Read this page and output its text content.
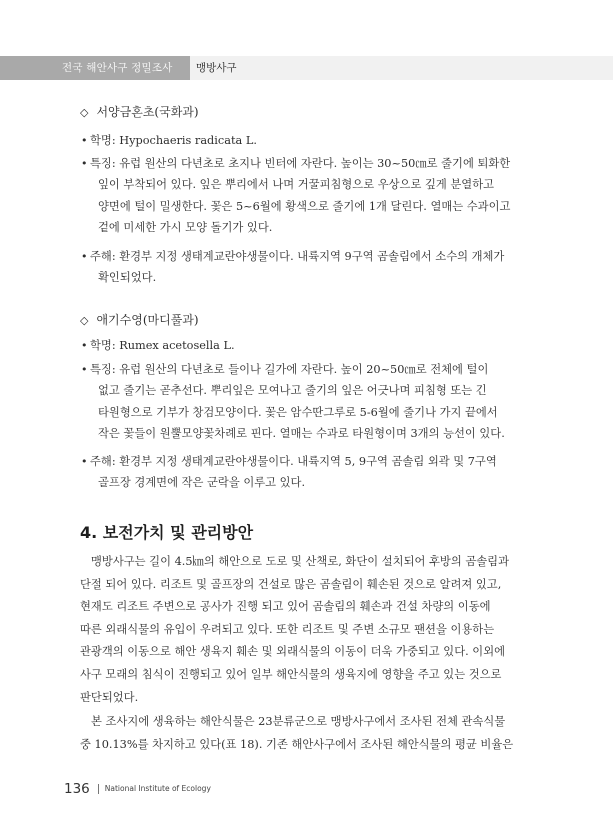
전국 해안사구 정밀조사 맹방사구
◇ 서양금혼초(국화과)
• 학명: Hypochaeris radicata L.
• 특징: 유럽 원산의 다년초로 초지나 빈터에 자란다. 높이는 30~50㎝로 줄기에 퇴화한
잎이 부착되어 있다. 잎은 뿌리에서 나며 거꿀피침형으로 우상으로 깊게 분열하고
양면에 털이 밀생한다. 꽃은 5~6월에 황색으로 줄기에 1개 달린다. 열매는 수과이고
겉에 미세한 가시 모양 돌기가 있다.
• 주해: 환경부 지정 생태계교란야생물이다. 내륙지역 9구역 곰솔림에서 소수의 개체가
확인되었다.
◇ 애기수영(마디풀과)
• 학명: Rumex acetosella L.
• 특징: 유럽 원산의 다년초로 들이나 길가에 자란다. 높이 20~50㎝로 전체에 털이
없고 줄기는 곧추선다. 뿌리잎은 모여나고 줄기의 잎은 어긋나며 피침형 또는 긴
타원형으로 기부가 창검모양이다. 꽃은 암수딴그루로 5-6월에 줄기나 가지 끝에서
작은 꽃들이 원뿔모양꽃차례로 핀다. 열매는 수과로 타원형이며 3개의 능선이 있다.
• 주해: 환경부 지정 생태계교란야생물이다. 내륙지역 5, 9구역 곰솔림 외곽 및 7구역
골프장 경계면에 작은 군락을 이루고 있다.
4. 보전가치 및 관리방안
맹방사구는 길이 4.5㎞의 해안으로 도로 및 산책로, 화단이 설치되어 후방의 곰솔림과
단절 되어 있다. 리조트 및 골프장의 건설로 많은 곰솔림이 훼손된 것으로 알려져 있고,
현재도 리조트 주변으로 공사가 진행 되고 있어 곰솔림의 훼손과 건설 차량의 이동에
따른 외래식물의 유입이 우려되고 있다. 또한 리조트 및 주변 소규모 팬션을 이용하는
관광객의 이동으로 해안 생육지 훼손 및 외래식물의 이동이 더욱 가중되고 있다. 이외에
사구 모래의 침식이 진행되고 있어 일부 해안식물의 생육지에 영향을 주고 있는 것으로
판단되었다.
본 조사지에 생육하는 해안식물은 23분류군으로 맹방사구에서 조사된 전체 관속식물
중 10.13%를 차지하고 있다(표 18). 기존 해안사구에서 조사된 해안식물의 평균 비율은
136 National Institute of Ecology
